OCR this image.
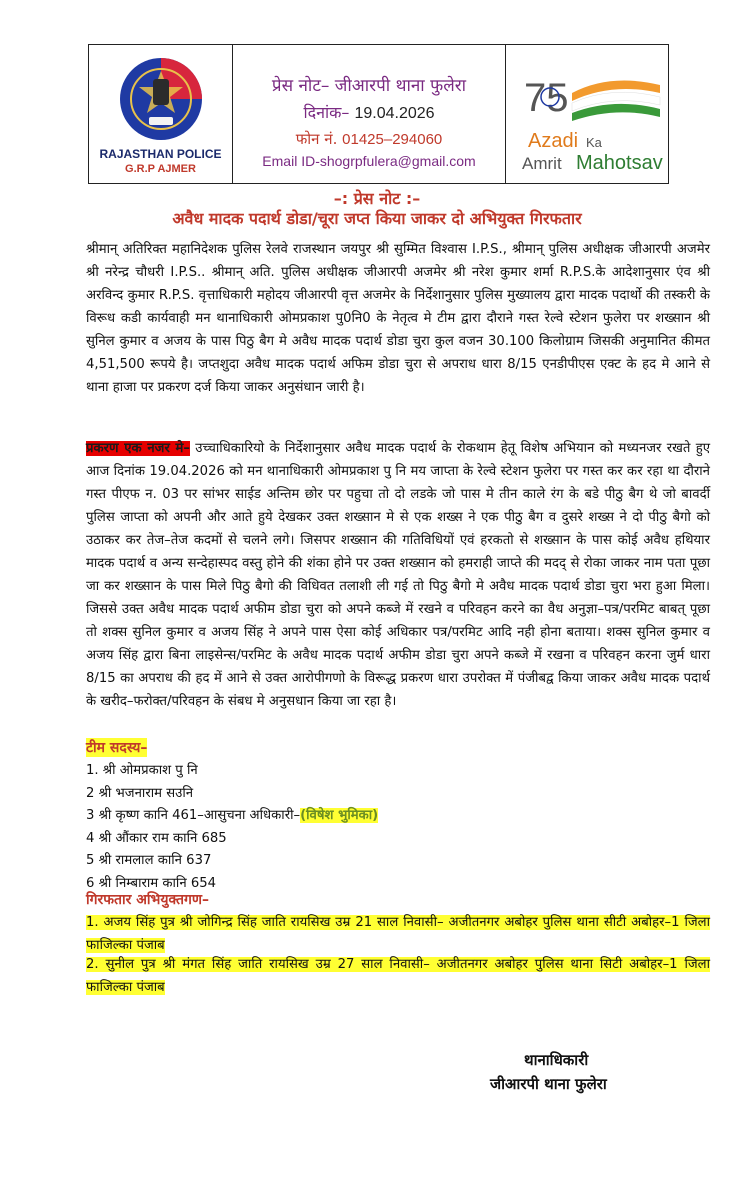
RAJASTHAN POLICE
G.R.P AJMER
प्रेस नोट– जीआरपी थाना फुलेरा
दिनांक– 19.04.2026
फोन नं. 01425–294060
Email ID-shogrpfulera@gmail.com
75
Azadi Ka
Amrit Mahotsav
–: प्रेस नोट :–
अवैध मादक पदार्थ डोडा/चूरा जप्त किया जाकर दो अभियुक्त गिरफतार
श्रीमान् अतिरिक्त महानिदेशक पुलिस रेलवे राजस्थान जयपुर श्री सुम्मित विश्वास I.P.S., श्रीमान् पुलिस अधीक्षक जीआरपी अजमेर श्री नरेन्द्र चौधरी I.P.S.. श्रीमान् अति. पुलिस अधीक्षक जीआरपी अजमेर श्री नरेश कुमार शर्मा R.P.S.के आदेशानुसार एंव श्री अरविन्द कुमार R.P.S. वृत्ताधिकारी महोदय जीआरपी वृत्त अजमेर के निर्देशानुसार पुलिस मुख्यालय द्वारा मादक पदार्थो की तस्करी के विरूध कडी कार्यवाही मन थानाधिकारी ओमप्रकाश पु0नि0 के नेतृत्व मे टीम द्वारा दौराने गस्त रेल्वे स्टेशन फुलेरा पर शख्सान श्री सुनिल कुमार व अजय के पास पिठु बैग मे अवैध मादक पदार्थ डोडा चुरा कुल वजन 30.100 किलोग्राम जिसकी अनुमानित कीमत 4,51,500 रूपये है। जप्तशुदा अवैध मादक पदार्थ अफिम डोडा चुरा से अपराध धारा 8/15 एनडीपीएस एक्ट के हद मे आने से थाना हाजा पर प्रकरण दर्ज किया जाकर अनुसंधान जारी है।
प्रकरण एक नजर मे– उच्चाधिकारियो के निर्देशानुसार अवैध मादक पदार्थ के रोकथाम हेतू विशेष अभियान को मध्यनजर रखते हुए आज दिनांक 19.04.2026 को मन थानाधिकारी ओमप्रकाश पु नि मय जाप्ता के रेल्वे स्टेशन फुलेरा पर गस्त कर कर रहा था दौराने गस्त पीएफ न. 03 पर सांभर साईड अन्तिम छोर पर पहुचा तो दो लडके जो पास मे तीन काले रंग के बडे पीठु बैग थे जो बावर्दी पुलिस जाप्ता को अपनी और आते हुये देखकर उक्त शख्सान मे से एक शख्स ने एक पीठु बैग व दुसरे शख्स ने दो पीठु बैगो को उठाकर कर तेज–तेज कदमों से चलने लगे। जिसपर शख्सान की गतिविधियों एवं हरकतो से शख्सान के पास कोई अवैध हथियार मादक पदार्थ व अन्य सन्देहास्पद वस्तु होने की शंका होने पर उक्त शख्सान को हमराही जाप्ते की मदद् से रोका जाकर नाम पता पूछा जा कर शख्सान के पास मिले पिठु बैगो की विधिवत तलाशी ली गई तो पिठु बैगो मे अवैध मादक पदार्थ डोडा चुरा भरा हुआ मिला। जिससे उक्त अवैध मादक पदार्थ अफीम डोडा चुरा को अपने कब्जे में रखने व परिवहन करने का वैध अनुज्ञा–पत्र/परमिट बाबत् पूछा तो शक्स सुनिल कुमार व अजय सिंह ने अपने पास ऐसा कोई अधिकार पत्र/परमिट आदि नही होना बताया। शक्स सुनिल कुमार व अजय सिंह द्वारा बिना लाइसेन्स/परमिट के अवैध मादक पदार्थ अफीम डोडा चुरा अपने कब्जे में रखना व परिवहन करना जुर्म धारा 8/15 का अपराध की हद में आने से उक्त आरोपीगणो के विरूद्ध प्रकरण धारा उपरोक्त में पंजीबद्व किया जाकर अवैध मादक पदार्थ के खरीद–फरोक्त/परिवहन के संबध मे अनुसधान किया जा रहा है।
टीम सदस्य–
1. श्री ओमप्रकाश पु नि
2 श्री भजनाराम सउनि
3 श्री कृष्ण कानि 461–आसुचना अधिकारी–(विषेश भुमिका)
4 श्री औंकार राम कानि 685
5 श्री रामलाल कानि 637
6 श्री निम्बाराम कानि 654
गिरफतार अभियुक्तगण–
1. अजय सिंह पुत्र श्री जोगिन्द्र सिंह जाति रायसिख उम्र 21 साल निवासी– अजीतनगर अबोहर पुलिस थाना सीटी अबोहर–1 जिला फाजिल्का पंजाब
2. सुनील पुत्र श्री मंगत सिंह जाति रायसिख उम्र 27 साल निवासी– अजीतनगर अबोहर पुलिस थाना सिटी अबोहर–1 जिला फाजिल्का पंजाब
थानाधिकारी
जीआरपी थाना फुलेरा
